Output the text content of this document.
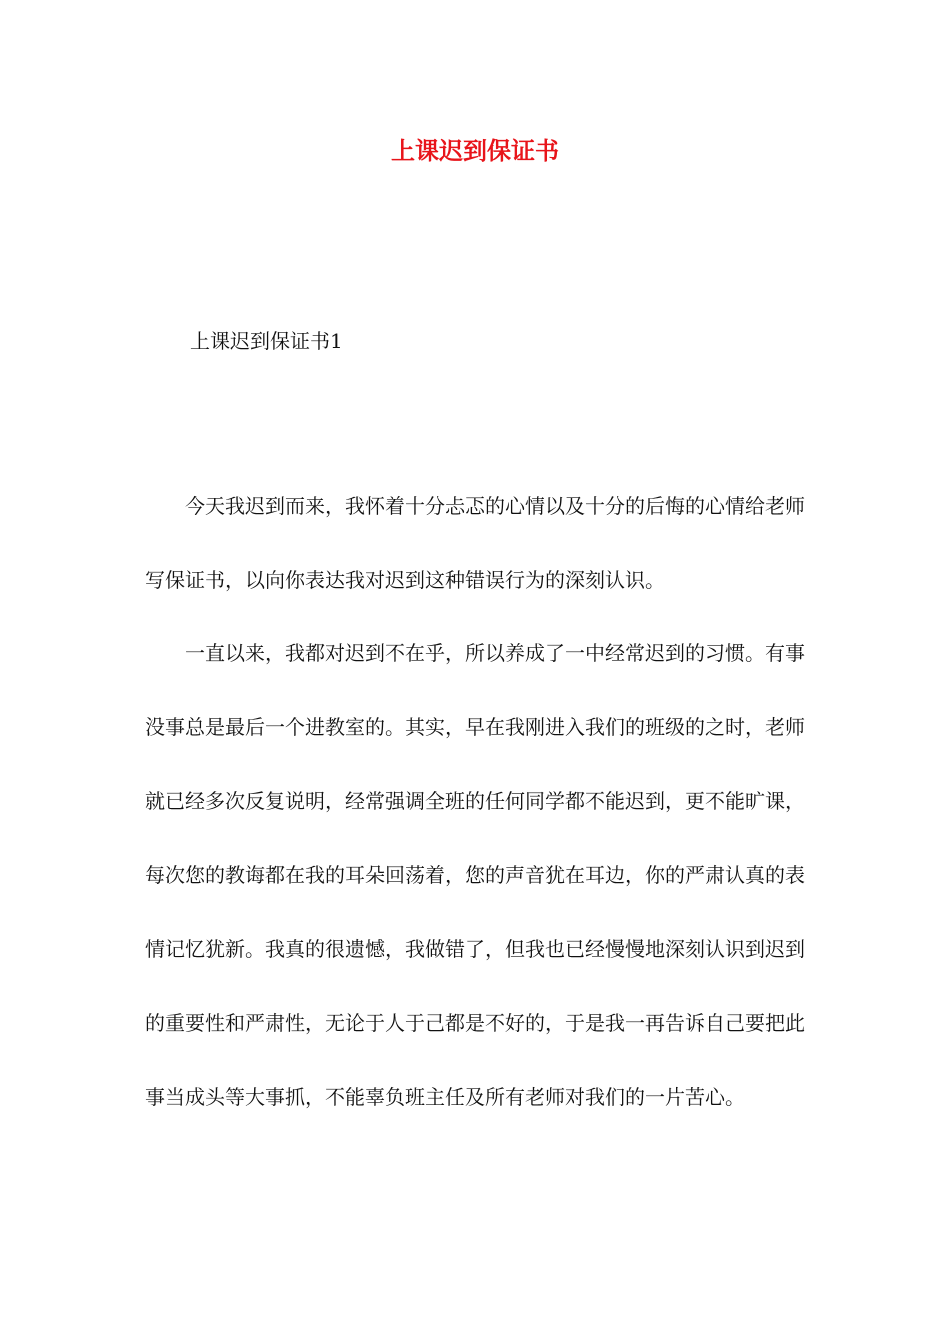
上课迟到保证书
上课迟到保证书1

今天我迟到而来，我怀着十分忐忑的心情以及十分的后悔的心情给老师写保证书，以向你表达我对迟到这种错误行为的深刻认识。

一直以来，我都对迟到不在乎，所以养成了一中经常迟到的习惯。有事没事总是最后一个进教室的。其实，早在我刚进入我们的班级的之时，老师就已经多次反复说明，经常强调全班的任何同学都不能迟到，更不能旷课，每次您的教诲都在我的耳朵回荡着，您的声音犹在耳边，你的严肃认真的表情记忆犹新。我真的很遗憾，我做错了，但我也已经慢慢地深刻认识到迟到的重要性和严肃性，无论于人于己都是不好的，于是我一再告诉自己要把此事当成头等大事抓，不能辜负班主任及所有老师对我们的一片苦心。
